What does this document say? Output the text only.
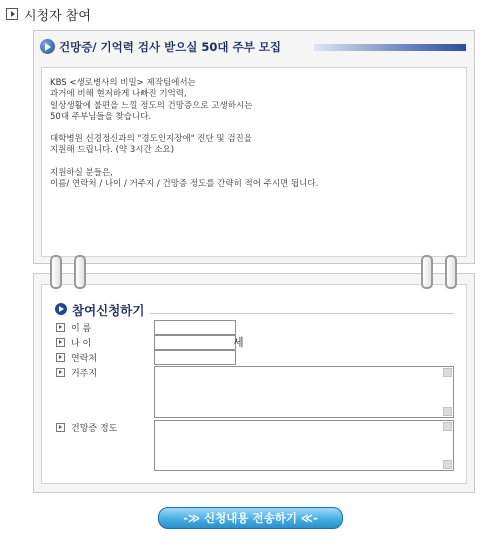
시청자 참여
건망증/ 기억력 검사 받으실 50대 주부 모집

KBS <생로병사의 비밀> 제작팀에서는

과거에 비해 현저하게 나빠진 기억력,

일상생활에 불편을 느낄 정도의 건망증으로 고생하시는

50대 주부님들을 찾습니다.

대학병원 신경정신과의 "경도인지장애" 진단 및 검진을

지원해 드립니다. (약 3시간 소요)

지원하실 분들은,

이름/ 연락처 / 나이 / 거주지 / 건망증 정도를 간략히 적어 주시면 됩니다.

참여신청하기
이 름
나 이	세
연락처
거주지
건망증 정도
-≫ 신청내용 전송하기 ≪-
